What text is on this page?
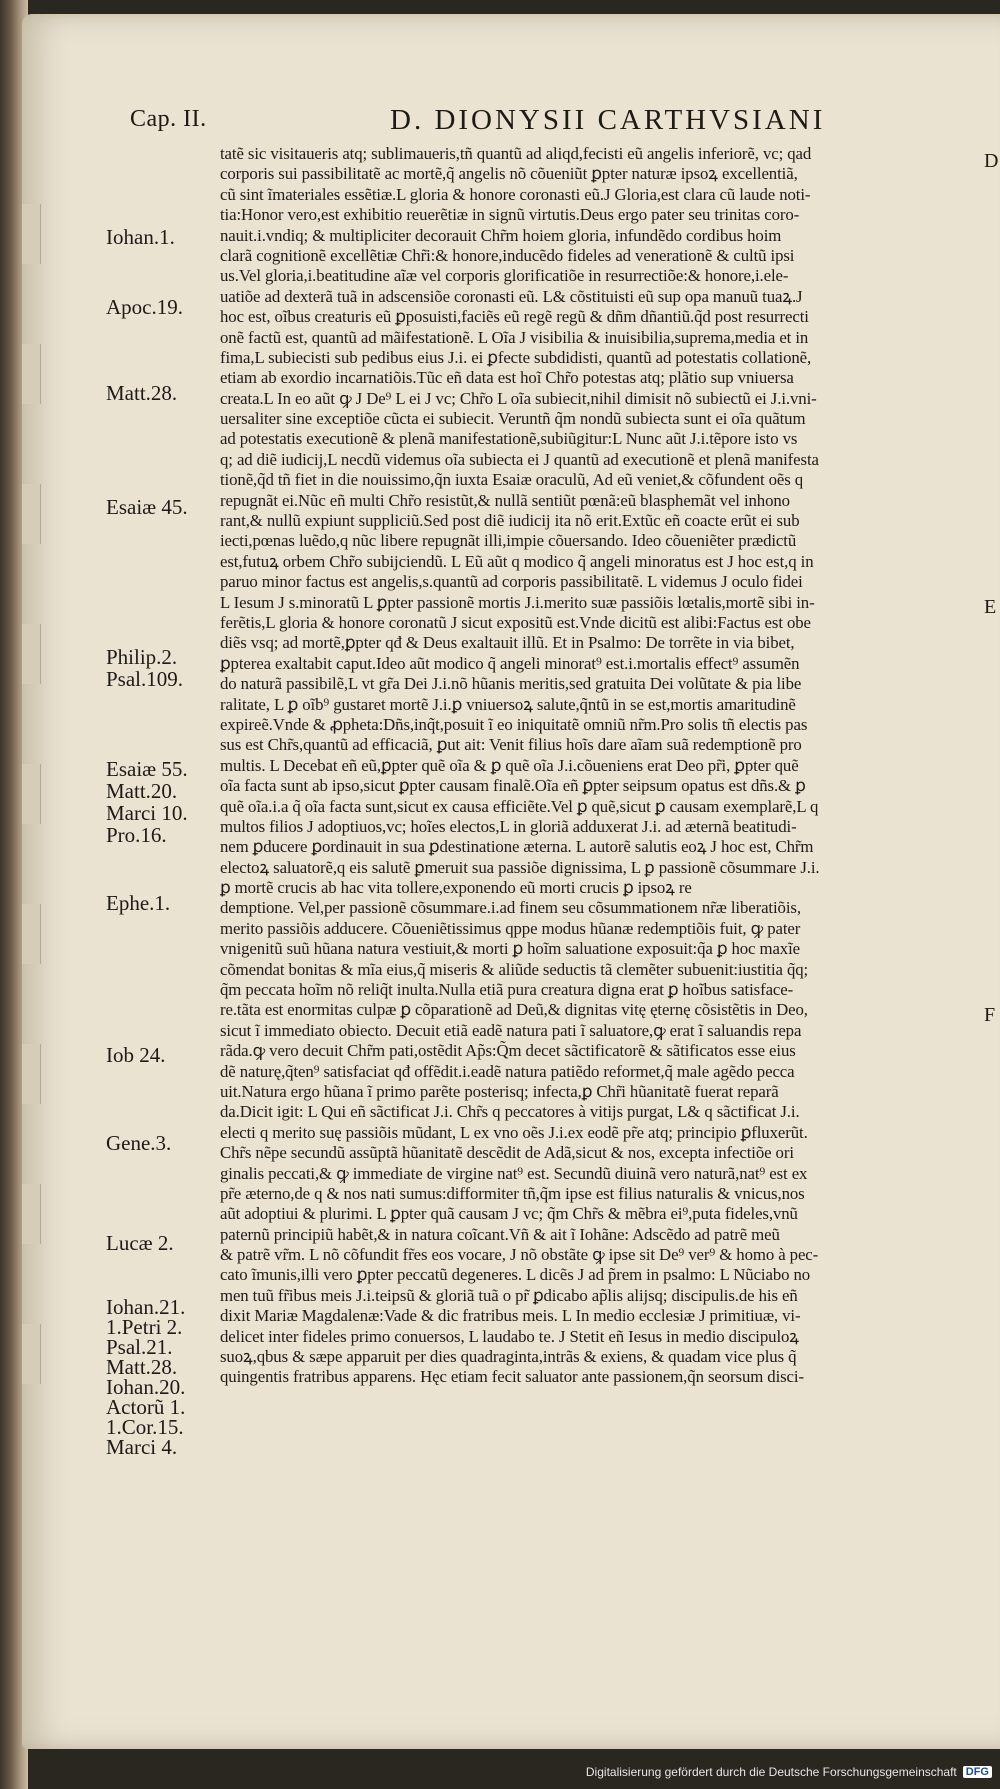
Cap. II.	D. DIONYSII CARTHVSIANI
Iohan.1.
Apoc.19.
Matt.28.
Esaiæ 45.
Philip.2.
Psal.109.
Esaiæ 55.
Matt.20.
Marci 10.
Pro.16.
Ephe.1.
Iob 24.
Gene.3.
Lucæ 2.
Iohan.21.
1.Petri 2.
Psal.21.
Matt.28.
Iohan.20.
Actorũ 1.
1.Cor.15.
Marci 4.
D
E
F
tatẽ sic visitaueris atq; sublimaueris,tñ quantũ ad aliqd,fecisti eũ angelis inferiorẽ, vc; qad
corporis sui passibilitatẽ ac mortẽ,q̃ angelis nõ cõueniũt ꝑpter naturæ ipsoꝝ excellentiã,
cũ sint ĩmateriales essẽtiæ.L gloria & honore coronasti eũ.J Gloria,est clara cũ laude noti-
tia:Honor vero,est exhibitio reuerẽtiæ in signũ virtutis.Deus ergo pater seu trinitas coro-
nauit.i.vndiq; & multipliciter decorauit Chr̃m hoiem gloria, infundẽdo cordibus hoim
clarã cognitionẽ excellẽtiæ Chr̃i:& honore,inducẽdo fideles ad venerationẽ & cultũ ipsi
us.Vel gloria,i.beatitudine aĩæ vel corporis glorificatiõe in resurrectiõe:& honore,i.ele-
uatiõe ad dexterã tuã in adscensiõe coronasti eũ. L& cõstituisti eũ sup opa manuũ tuaꝝ.J
hoc est, oĩbus creaturis eũ ꝑposuisti,faciẽs eũ regẽ regũ & dñm dñantiũ.q̃d post resurrecti
onẽ factũ est, quantũ ad mãifestationẽ. L Oĩa J visibilia & inuisibilia,suprema,media et in
fima,L subiecisti sub pedibus eius J.i. ei ꝑfecte subdidisti, quantũ ad potestatis collationẽ,
etiam ab exordio incarnatiõis.Tũc eñ data est hoĩ Chr̃o potestas atq; plãtio sup vniuersa
creata.L In eo aũt ꝙ J De⁹ L ei J vc; Chr̃o L oĩa subiecit,nihil dimisit nõ subiectũ ei J.i.vni-
uersaliter sine exceptiõe cũcta ei subiecit. Veruntñ q̃m nondũ subiecta sunt ei oĩa quãtum
ad potestatis executionẽ & plenã manifestationẽ,subiũgitur:L Nunc aũt J.i.tẽpore isto vs
q; ad diẽ iudicij,L necdũ videmus oĩa subiecta ei J quantũ ad executionẽ et plenã manifesta
tionẽ,q̃d tñ fiet in die nouissimo,q̃n iuxta Esaiæ oraculũ, Ad eũ veniet,& cõfundent oẽs q
repugnãt ei.Nũc eñ multi Chr̃o resistũt,& nullã sentiũt pœnã:eũ blasphemãt vel inhono
rant,& nullũ expiunt suppliciũ.Sed post diẽ iudicij ita nõ erit.Extũc eñ coacte erũt ei sub
iecti,pœnas luẽdo,q nũc libere repugnãt illi,impie cõuersando. Ideo cõueniẽter prædictũ
est,futuꝝ orbem Chr̃o subijciendũ. L Eũ aũt q modico q̃ angeli minoratus est J hoc est,q in
paruo minor factus est angelis,s.quantũ ad corporis passibilitatẽ. L videmus J oculo fidei
L Iesum J s.minoratũ L ꝑpter passionẽ mortis J.i.merito suæ passiõis lœtalis,mortẽ sibi in-
ferẽtis,L gloria & honore coronatũ J sicut expositũ est.Vnde dicitũ est alibi:Factus est obe
diẽs vsq; ad mortẽ,ꝑpter qđ & Deus exaltauit illũ. Et in Psalmo: De torrẽte in via bibet,
ꝑpterea exaltabit caput.Ideo aũt modico q̃ angeli minorat⁹ est.i.mortalis effect⁹ assumẽn
do naturã passibilẽ,L vt gr̃a Dei J.i.nõ hũanis meritis,sed gratuita Dei volũtate & pia libe
ralitate, L ꝑ oĩb⁹ gustaret mortẽ J.i.ꝑ vniuersoꝝ salute,q̃ntũ in se est,mortis amaritudinẽ
expireẽ.Vnde & ꝓpheta:Dñs,inq̃t,posuit ĩ eo iniquitatẽ omniũ nr̃m.Pro solis tñ electis pas
sus est Chr̃s,quantũ ad efficaciã, ꝑut ait: Venit filius hoĩs dare aĩam suã redemptionẽ pro
multis. L Decebat eñ eũ,ꝑpter quẽ oĩa & ꝑ quẽ oĩa J.i.cõueniens erat Deo pr̃i, ꝑpter quẽ
oĩa facta sunt ab ipso,sicut ꝑpter causam finalẽ.Oĩa eñ ꝑpter seipsum opatus est dñs.& ꝑ
quẽ oĩa.i.a q̃ oĩa facta sunt,sicut ex causa efficiẽte.Vel ꝑ quẽ,sicut ꝑ causam exemplarẽ,L q
multos filios J adoptiuos,vc; hoĩes electos,L in gloriã adduxerat J.i. ad æternã beatitudi-
nem ꝑducere ꝑordinauit in sua ꝑdestinatione æterna. L autorẽ salutis eoꝝ J hoc est, Chr̃m
electoꝝ saluatorẽ,q eis salutẽ ꝑmeruit sua passiõe dignissima, L ꝑ passionẽ cõsummare J.i.
ꝑ mortẽ crucis ab hac vita tollere,exponendo eũ morti crucis ꝑ ipsoꝝ re
demptione. Vel,per passionẽ cõsummare.i.ad finem seu cõsummationem nr̃æ liberatiõis,
merito passiõis adducere. Cõueniẽtissimus qppe modus hũanæ redemptiõis fuit, ꝙ pater
vnigenitũ suũ hũana natura vestiuit,& morti ꝑ hoĩm saluatione exposuit:q̃a ꝑ hoc maxĩe
cõmendat bonitas & mĩa eius,q̃ miseris & aliũde seductis tã clemẽter subuenit:iustitia q̃q;
q̃m peccata hoĩm nõ reliq̃t inulta.Nulla etiã pura creatura digna erat ꝑ hoĩbus satisface-
re.tãta est enormitas culpæ ꝑ cõparationẽ ad Deũ,& dignitas vitę ęternę cõsistẽtis in Deo,
sicut ĩ immediato obiecto. Decuit etiã eadẽ natura pati ĩ saluatore,ꝙ erat ĩ saluandis repa
rãda.ꝙ vero decuit Chr̃m pati,ostẽdit Ap̃s:Q̃m decet sãctificatorẽ & sãtificatos esse eius
dẽ naturę,q̃ten⁹ satisfaciat qđ offẽdit.i.eadẽ natura patiẽdo reformet,q̃ male agẽdo pecca
uit.Natura ergo hũana ĩ primo parẽte posterisq; infecta,ꝑ Chr̃i hũanitatẽ fuerat reparã
da.Dicit igit: L Qui eñ sãctificat J.i. Chr̃s q peccatores à vitijs purgat, L& q sãctificat J.i.
electi q merito suę passiõis mũdant, L ex vno oẽs J.i.ex eodẽ pr̃e atq; principio ꝑfluxerũt.
Chr̃s nẽpe secundũ assũptã hũanitatẽ descẽdit de Adã,sicut & nos, excepta infectiõe ori
ginalis peccati,& ꝙ immediate de virgine nat⁹ est. Secundũ diuinã vero naturã,nat⁹ est ex
pr̃e æterno,de q & nos nati sumus:difformiter tñ,q̃m ipse est filius naturalis & vnicus,nos
aũt adoptiui & plurimi. L ꝑpter quã causam J vc; q̃m Chr̃s & mẽbra ei⁹,puta fideles,vnũ
paternũ principiũ habẽt,& in natura coĩcant.Vñ & ait ĩ Iohãne: Adscẽdo ad patrẽ meũ
& patrẽ vr̃m. L nõ cõfundit fr̃es eos vocare, J nõ obstãte ꝙ ipse sit De⁹ ver⁹ & homo à pec-
cato ĩmunis,illi vero ꝑpter peccatũ degeneres. L dicẽs J ad p̃rem in psalmo: L Nũciabo no
men tuũ fr̃ibus meis J.i.teipsũ & gloriã tuã o pr̃ ꝑdicabo ap̃lis alijsq; discipulis.de his eñ
dixit Mariæ Magdalenæ:Vade & dic fratribus meis. L In medio ecclesiæ J primitiuæ, vi-
delicet inter fideles primo conuersos, L laudabo te. J Stetit eñ Iesus in medio discipuloꝝ
suoꝝ,qbus & sæpe apparuit per dies quadraginta,intrãs & exiens, & quadam vice plus q̃
quingentis fratribus apparens. Hęc etiam fecit saluator ante passionem,q̃n seorsum disci-
Digitalisierung gefördert durch die Deutsche Forschungsgemeinschaft DFG
